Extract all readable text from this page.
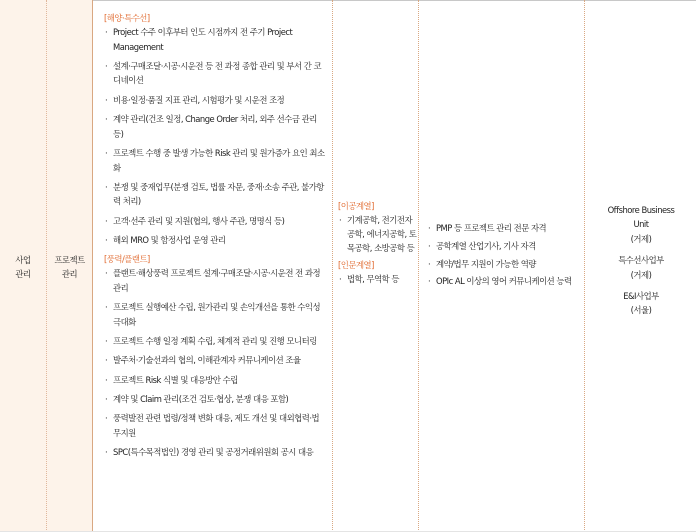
사업
관리
프로젝트
관리

[해양·특수선]

· Project 수주 이후부터 인도 시점까지 전 주기 Project Management
· 설계·구매조달·시공·시운전 등 전 과정 종합 관리 및 부서 간 코디네이션
· 비용·일정·품질 지표 관리, 시험평가 및 시운전 조정
· 계약 관리(건조 일정, Change Order 처리, 외주 선수금 관리 등)
· 프로젝트 수행 중 발생 가능한 Risk 관리 및 원가증가 요인 최소화
· 분쟁 및 중재업무(분쟁 검토, 법률 자문, 중재·소송 주관, 불가항력 처리)
· 고객·선주 관리 및 지원(협의, 행사 주관, 명명식 등)
· 해외 MRO 및 함정사업 운영 관리

[풍력/플랜트]

· 플랜트·해상풍력 프로젝트 설계·구매조달·시공·시운전 전 과정 관리
· 프로젝트 실행예산 수립, 원가관리 및 손익개선을 통한 수익성 극대화
· 프로젝트 수행 일정 계획 수립, 체계적 관리 및 진행 모니터링
· 발주처·기술선과의 협의, 이해관계자 커뮤니케이션 조율
· 프로젝트 Risk 식별 및 대응방안 수립
· 계약 및 Claim 관리(조건 검토·협상, 분쟁 대응 포함)
· 풍력발전 관련 법령/정책 변화 대응, 제도 개선 및 대외협력·법무지원
· SPC(특수목적법인) 경영 관리 및 공정거래위원회 공시 대응

[이공계열]

· 기계공학, 전기전자공학, 에너지공학, 토목공학, 소방공학 등

[인문계열]

· 법학, 무역학 등
· PMP 등 프로젝트 관리 전문 자격
· 공학계열 산업기사, 기사 자격
· 계약/법무 지원이 가능한 역량
· OPIc AL 이상의 영어 커뮤니케이션 능력
Offshore Business Unit
(거제)
특수선사업부
(거제)
E&I사업부
(서울)
